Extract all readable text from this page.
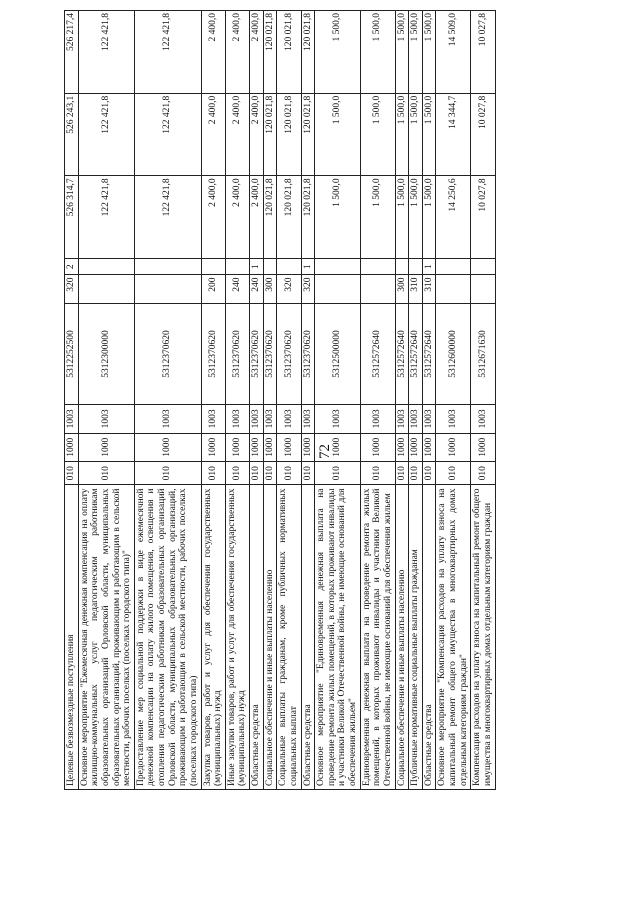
72
Целевые безвозмездные поступления	010	1000	1003	5312252500	320	2	526 314,7	526 243,1	526 217,4
Основное мероприятие "Ежемесячная денежная компенсация на оплату жилищно-коммунальных услуг педагогическим работникам образовательных организаций Орловской области, муниципальных образовательных организаций, проживающим и работающим в сельской местности, рабочих поселках (поселках городского типа)"	010	1000	1003	5312300000			122 421,8	122 421,8	122 421,8
Предоставление мер социальной поддержки в виде ежемесячной денежной компенсации на оплату жилого помещения, освещения и отопления педагогическим работникам образовательных организаций Орловской области, муниципальных образовательных организаций, проживающим и работающим в сельской местности, рабочих поселках (поселках городского типа)	010	1000	1003	5312370620			122 421,8	122 421,8	122 421,8
Закупка товаров, работ и услуг для обеспечения государственных (муниципальных) нужд	010	1000	1003	5312370620	200		2 400,0	2 400,0	2 400,0
Иные закупки товаров, работ и услуг для обеспечения государственных (муниципальных) нужд	010	1000	1003	5312370620	240		2 400,0	2 400,0	2 400,0
Областные средства	010	1000	1003	5312370620	240	1	2 400,0	2 400,0	2 400,0
Социальное обеспечение и иные выплаты населению	010	1000	1003	5312370620	300		120 021,8	120 021,8	120 021,8
Социальные выплаты гражданам, кроме публичных нормативных социальных выплат	010	1000	1003	5312370620	320		120 021,8	120 021,8	120 021,8
Областные средства	010	1000	1003	5312370620	320	1	120 021,8	120 021,8	120 021,8
Основное мероприятие "Единовременная денежная выплата на проведение ремонта жилых помещений, в которых проживают инвалиды и участники Великой Отечественной войны, не имеющие оснований для обеспечения жильем"	010	1000	1003	5312500000			1 500,0	1 500,0	1 500,0
Единовременная денежная выплата на проведение ремонта жилых помещений, в которых проживают инвалиды и участники Великой Отечественной войны, не имеющие оснований для обеспечения жильем	010	1000	1003	5312572640			1 500,0	1 500,0	1 500,0
Социальное обеспечение и иные выплаты населению	010	1000	1003	5312572640	300		1 500,0	1 500,0	1 500,0
Публичные нормативные социальные выплаты гражданам	010	1000	1003	5312572640	310		1 500,0	1 500,0	1 500,0
Областные средства	010	1000	1003	5312572640	310	1	1 500,0	1 500,0	1 500,0
Основное мероприятие "Компенсация расходов на уплату взноса на капитальный ремонт общего имущества в многоквартирных домах отдельным категориям граждан"	010	1000	1003	5312600000			14 250,6	14 344,7	14 509,0
Компенсация расходов на уплату взноса на капитальный ремонт общего имущества в многоквартирных домах отдельным категориям граждан	010	1000	1003	5312671630			10 027,8	10 027,8	10 027,8
